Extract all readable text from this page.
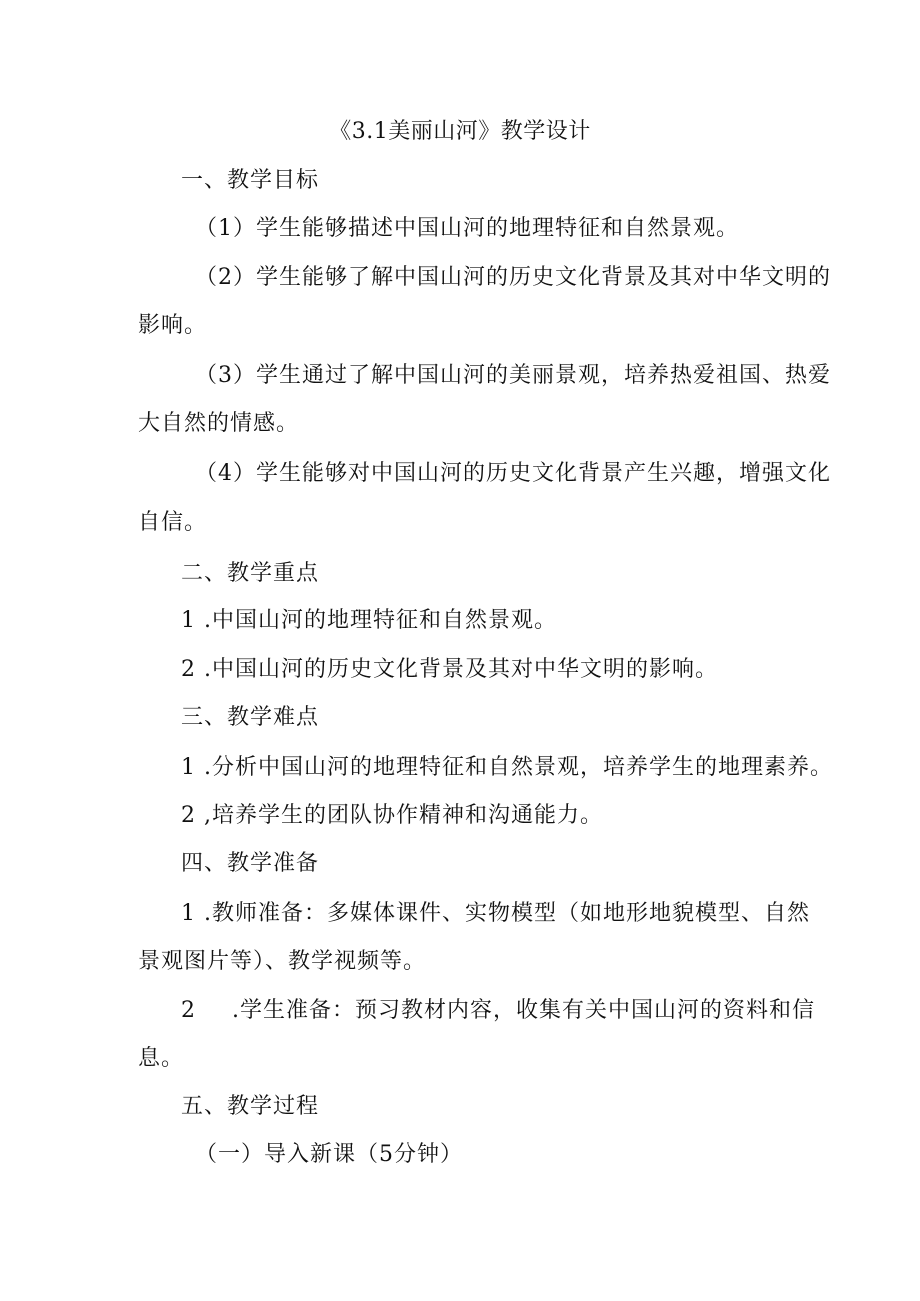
《3.1美丽山河》教学设计
一、教学目标
（1）学生能够描述中国山河的地理特征和自然景观。
（2）学生能够了解中国山河的历史文化背景及其对中华文明的
影响。
（3）学生通过了解中国山河的美丽景观，培养热爱祖国、热爱
大自然的情感。
（4）学生能够对中国山河的历史文化背景产生兴趣，增强文化
自信。
二、教学重点
1 .中国山河的地理特征和自然景观。
2 .中国山河的历史文化背景及其对中华文明的影响。
三、教学难点
1 .分析中国山河的地理特征和自然景观，培养学生的地理素养。
2 ,培养学生的团队协作精神和沟通能力。
四、教学准备
1 .教师准备：多媒体课件、实物模型（如地形地貌模型、自然
景观图片等）、教学视频等。
2 .学生准备：预习教材内容，收集有关中国山河的资料和信
息。
五、教学过程
（一）导入新课（5分钟）
